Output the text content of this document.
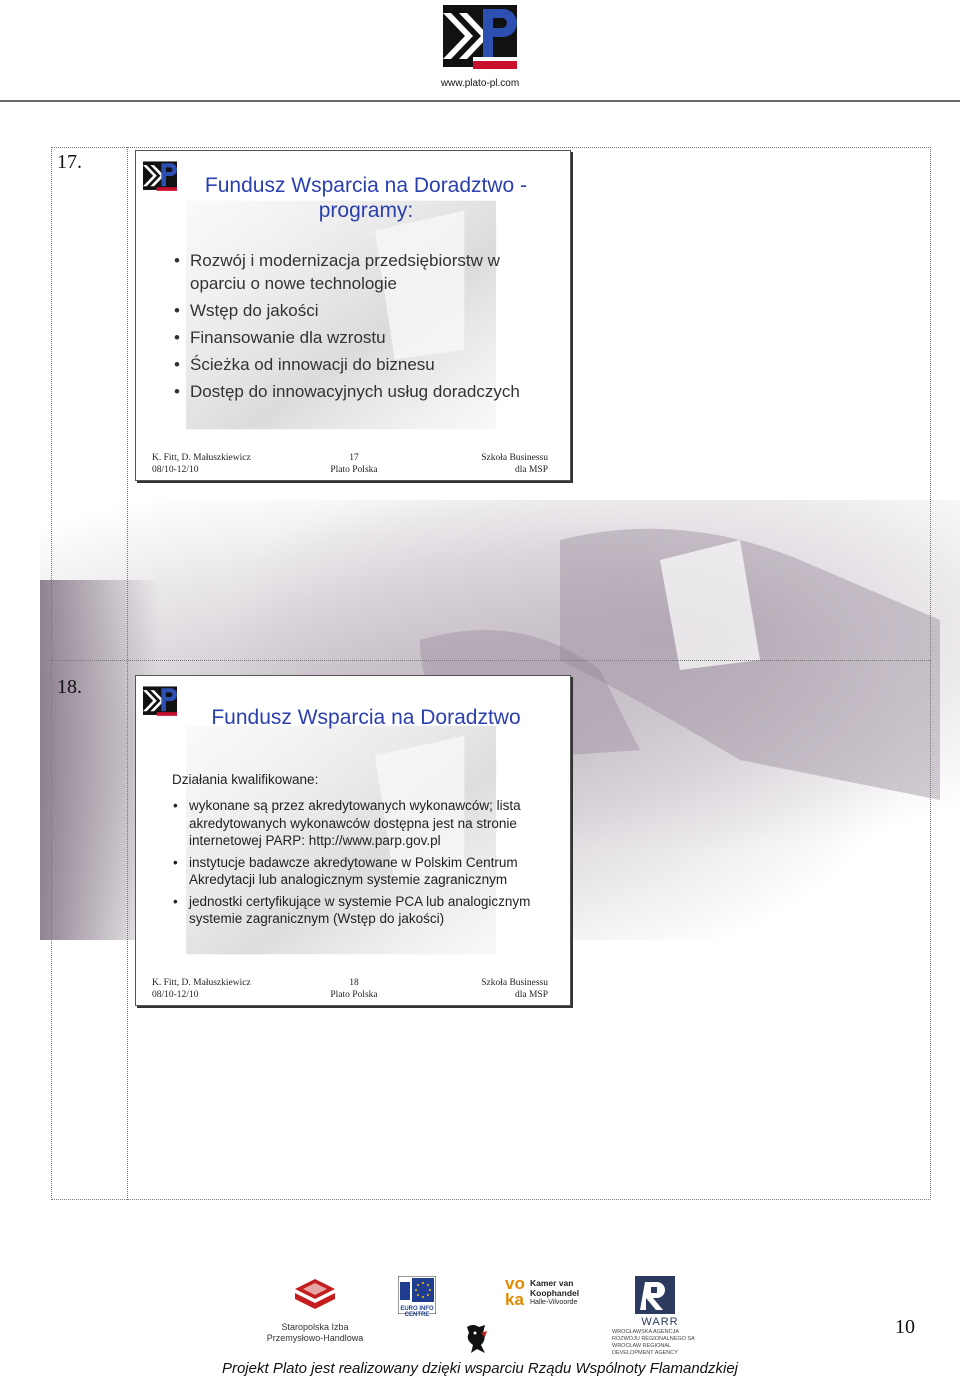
www.plato-pl.com
17.
Fundusz Wsparcia na Doradztwo -
programy:
• Rozwój i modernizacja przedsiębiorstw w oparciu o nowe technologie
• Wstęp do jakości
• Finansowanie dla wzrostu
• Ścieżka od innowacji do biznesu
• Dostęp do innowacyjnych usług doradczych
K. Fitt, D. Małuszkiewicz
08/10-12/10
17
Plato Polska
Szkoła Businessu
dla MSP
18.
Fundusz Wsparcia na Doradztwo
Działania kwalifikowane:
• wykonane są przez akredytowanych wykonawców; lista akredytowanych wykonawców dostępna jest na stronie internetowej PARP: http://www.parp.gov.pl
• instytucje badawcze akredytowane w Polskim Centrum Akredytacji lub analogicznym systemie zagranicznym
• jednostki certyfikujące w systemie PCA lub analogicznym systemie zagranicznym (Wstęp do jakości)
K. Fitt, D. Małuszkiewicz
08/10-12/10
18
Plato Polska
Szkoła Businessu
dla MSP
Staropolska Izba
Przemysłowo-Handlowa
EURO INFO CENTRE
voka
Kamer van
Koophandel
Halle-Vilvoorde
WARR
WROCŁAWSKA AGENCJA
ROZWOJU REGIONALNEGO SA
WROCŁAW REGIONAL
DEVELOPMENT AGENCY
10
Projekt Plato jest realizowany dzięki wsparciu Rządu Wspólnoty Flamandzkiej
